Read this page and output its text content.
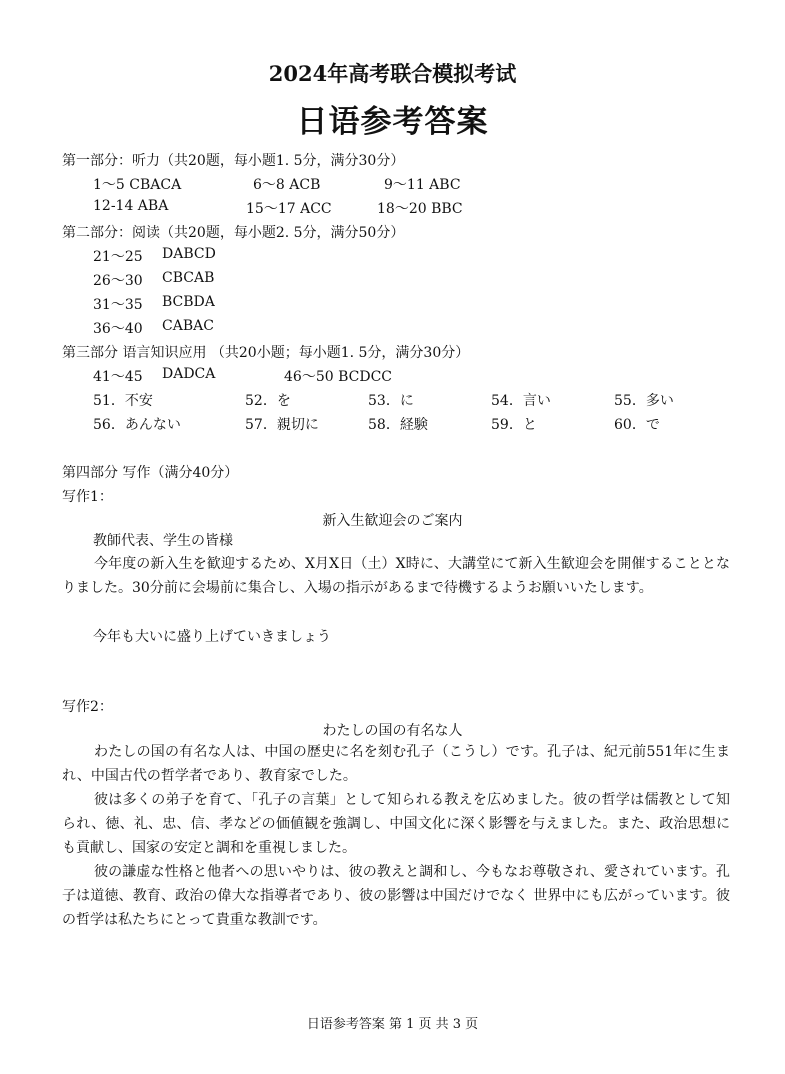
2024年高考联合模拟考试
日语参考答案
第一部分：听力（共20题，每小题1. 5分，满分30分）
1～5 CBACA	6～8 ACB	9～11 ABC
12-14 ABA	15～17 ACC	18～20 BBC
第二部分：阅读（共20题，每小题2. 5分，满分50分）
21～25 DABCD
26～30 CBCAB
31～35 BCBDA
36～40 CABAC
第三部分 语言知识应用 （共20小题；每小题1. 5分，满分30分）
41～45 DADCA	46～50 BCDCC
51．不安	52．を	53．に	54．言い	55．多い
56．あんない	57．親切に	58．経験	59．と	60．で
第四部分 写作（满分40分）
写作1：
新入生歓迎会のご案内
教師代表、学生の皆様

今年度の新入生を歓迎するため、X月X日（土）X時に、大講堂にて新入生歓迎会を開催することとなりました。30分前に会場前に集合し、入場の指示があるまで待機するようお願いいたします。

今年も大いに盛り上げていきましょう
写作2：
わたしの国の有名な人

わたしの国の有名な人は、中国の歴史に名を刻む孔子（こうし）です。孔子は、紀元前551年に生まれ、中国古代の哲学者であり、教育家でした。

彼は多くの弟子を育て、「孔子の言葉」として知られる教えを広めました。彼の哲学は儒教として知られ、徳、礼、忠、信、孝などの価値観を強調し、中国文化に深く影響を与えました。また、政治思想にも貢献し、国家の安定と調和を重視しました。

彼の謙虚な性格と他者への思いやりは、彼の教えと調和し、今もなお尊敬され、愛されています。孔子は道徳、教育、政治の偉大な指導者であり、彼の影響は中国だけでなく 世界中にも広がっています。彼の哲学は私たちにとって貴重な教訓です。

日语参考答案 第 1 页 共 3 页
